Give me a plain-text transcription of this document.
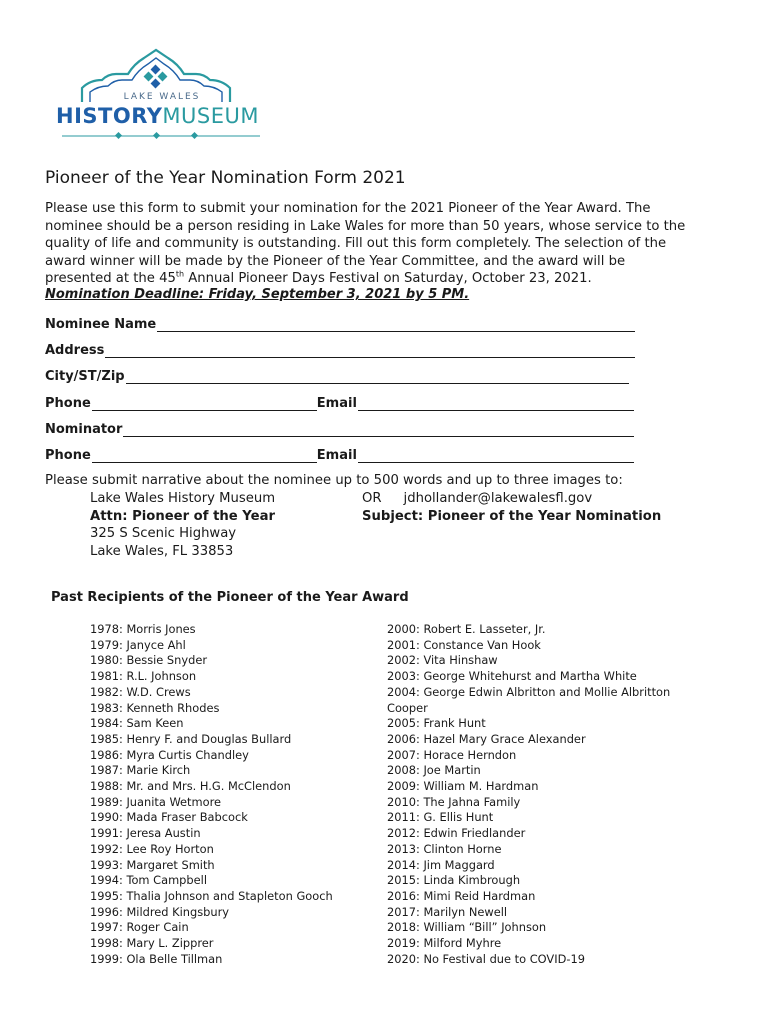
LAKE WALES
HISTORYMUSEUM
Pioneer of the Year Nomination Form 2021

Please use this form to submit your nomination for the 2021 Pioneer of the Year Award. The
nominee should be a person residing in Lake Wales for more than 50 years, whose service to the
quality of life and community is outstanding. Fill out this form completely. The selection of the
award winner will be made by the Pioneer of the Year Committee, and the award will be
presented at the 45th Annual Pioneer Days Festival on Saturday, October 23, 2021.

Nomination Deadline: Friday, September 3, 2021 by 5 PM.
Nominee Name
Address
City/ST/Zip
Phone	Email
Nominator
Phone	Email
Please submit narrative about the nominee up to 500 words and up to three images to:
Lake Wales History Museum
Attn: Pioneer of the Year
325 S Scenic Highway
Lake Wales, FL 33853
OR jdhollander@lakewalesfl.gov
Subject: Pioneer of the Year Nomination
Past Recipients of the Pioneer of the Year Award
1978: Morris Jones
1979: Janyce Ahl
1980: Bessie Snyder
1981: R.L. Johnson
1982: W.D. Crews
1983: Kenneth Rhodes
1984: Sam Keen
1985: Henry F. and Douglas Bullard
1986: Myra Curtis Chandley
1987: Marie Kirch
1988: Mr. and Mrs. H.G. McClendon
1989: Juanita Wetmore
1990: Mada Fraser Babcock
1991: Jeresa Austin
1992: Lee Roy Horton
1993: Margaret Smith
1994: Tom Campbell
1995: Thalia Johnson and Stapleton Gooch
1996: Mildred Kingsbury
1997: Roger Cain
1998: Mary L. Zipprer
1999: Ola Belle Tillman
2000: Robert E. Lasseter, Jr.
2001: Constance Van Hook
2002: Vita Hinshaw
2003: George Whitehurst and Martha White
2004: George Edwin Albritton and Mollie Albritton
Cooper
2005: Frank Hunt
2006: Hazel Mary Grace Alexander
2007: Horace Herndon
2008: Joe Martin
2009: William M. Hardman
2010: The Jahna Family
2011: G. Ellis Hunt
2012: Edwin Friedlander
2013: Clinton Horne
2014: Jim Maggard
2015: Linda Kimbrough
2016: Mimi Reid Hardman
2017: Marilyn Newell
2018: William “Bill” Johnson
2019: Milford Myhre
2020: No Festival due to COVID-19
